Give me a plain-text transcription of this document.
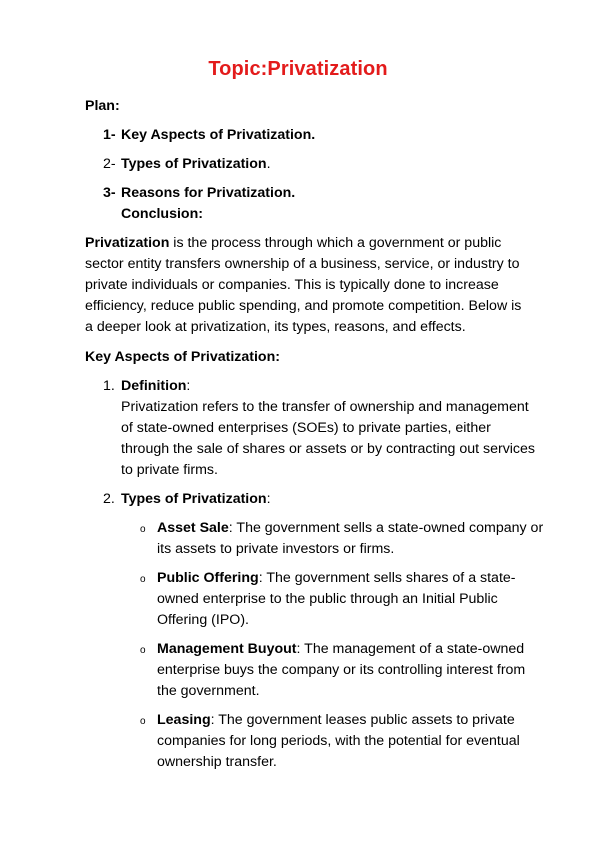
Topic:Privatization
Plan:
1- Key Aspects of Privatization.
2- Types of Privatization.
3- Reasons for Privatization.
Conclusion:
Privatization is the process through which a government or public
sector entity transfers ownership of a business, service, or industry to
private individuals or companies. This is typically done to increase
efficiency, reduce public spending, and promote competition. Below is
a deeper look at privatization, its types, reasons, and effects.
Key Aspects of Privatization:
1. Definition:
Privatization refers to the transfer of ownership and management
of state-owned enterprises (SOEs) to private parties, either
through the sale of shares or assets or by contracting out services
to private firms.
2. Types of Privatization:
o Asset Sale: The government sells a state-owned company or
its assets to private investors or firms.
o Public Offering: The government sells shares of a state-
owned enterprise to the public through an Initial Public
Offering (IPO).
o Management Buyout: The management of a state-owned
enterprise buys the company or its controlling interest from
the government.
o Leasing: The government leases public assets to private
companies for long periods, with the potential for eventual
ownership transfer.
